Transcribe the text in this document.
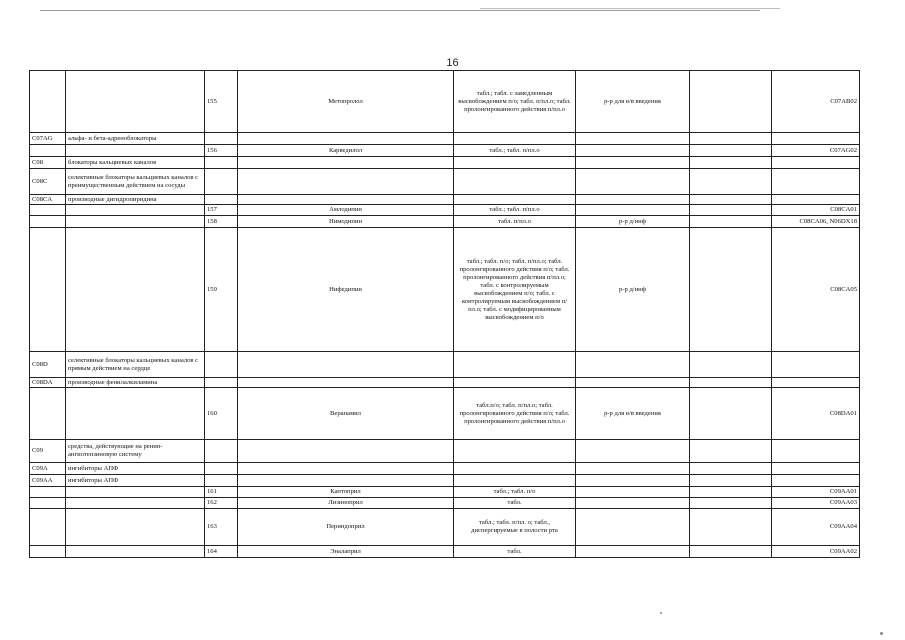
16
		155	Метопролол	табл.; табл. с замедленным высвобождением п/о; табл. п/пл.о; табл. пролонгированного действия п/пл.о	р-р для в/в введения		C07AB02
C07AG	альфа- и бета-адреноблокаторы						
		156	Карведилол	табл.; табл. п/пл.о			C07AG02
C08	блокаторы кальциевых каналов						
C08C	селективные блокаторы кальциевых каналов с преимущественным действием на сосуды						
C08CA	производные дигидропиридина						
		157	Амлодипин	табл.; табл. п/пл.о			C08CA01
		158	Нимодипин	табл. п/пл.о	р-р д/инф		C08CA06, N06DX18
		159	Нифедипин	табл.; табл. п/о; табл. п/пл.о; табл. пролонгированного действия п/о; табл. пролонгированного действия п/пл.о; табл. с контролируемым высвобождением п/о; табл. с контролируемым высвобождением п/пл.о; табл. с модифицированным высвобождением п/о	р-р д/инф		C08CA05
C08D	селективные блокаторы кальциевых каналов с прямым действием на сердце						
C08DA	производные фенилалкиламина						
		160	Верапамил	табл.п/о; табл. п/пл.о; табл. пролонгированного действия п/о; табл. пролонгированного действия п/пл.о	р-р для в/в введения		C08DA01
C09	средства, действующие на ренин-ангиотензиновую систему						
C09A	ингибиторы АПФ						
C09AA	ингибиторы АПФ						
		161	Каптоприл	табл.; табл. п/о			C09AA01
		162	Лизиноприл	табл.			C09AA03
		163	Периндоприл	табл.; табл. п/пл. о; табл., диспергируемые в полости рта			C09AA04
		164	Эналаприл	табл.			C09AA02
